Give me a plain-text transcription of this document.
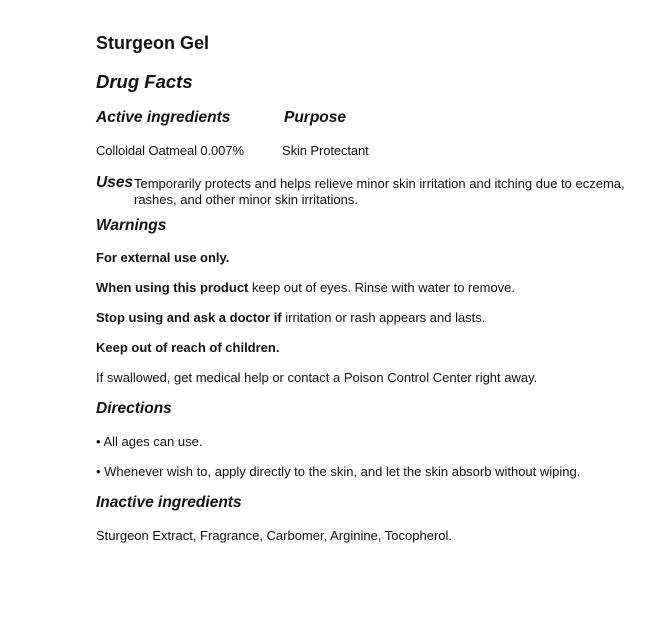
Sturgeon Gel
Drug Facts
Active ingredients	Purpose
Colloidal Oatmeal 0.007%	Skin Protectant
Uses Temporarily protects and helps relieve minor skin irritation and itching due to eczema,
rashes, and other minor skin irritations.
Warnings
For external use only.
When using this product keep out of eyes. Rinse with water to remove.
Stop using and ask a doctor if irritation or rash appears and lasts.
Keep out of reach of children.
If swallowed, get medical help or contact a Poison Control Center right away.
Directions
• All ages can use.
• Whenever wish to, apply directly to the skin, and let the skin absorb without wiping.
Inactive ingredients
Sturgeon Extract, Fragrance, Carbomer, Arginine, Tocopherol.
